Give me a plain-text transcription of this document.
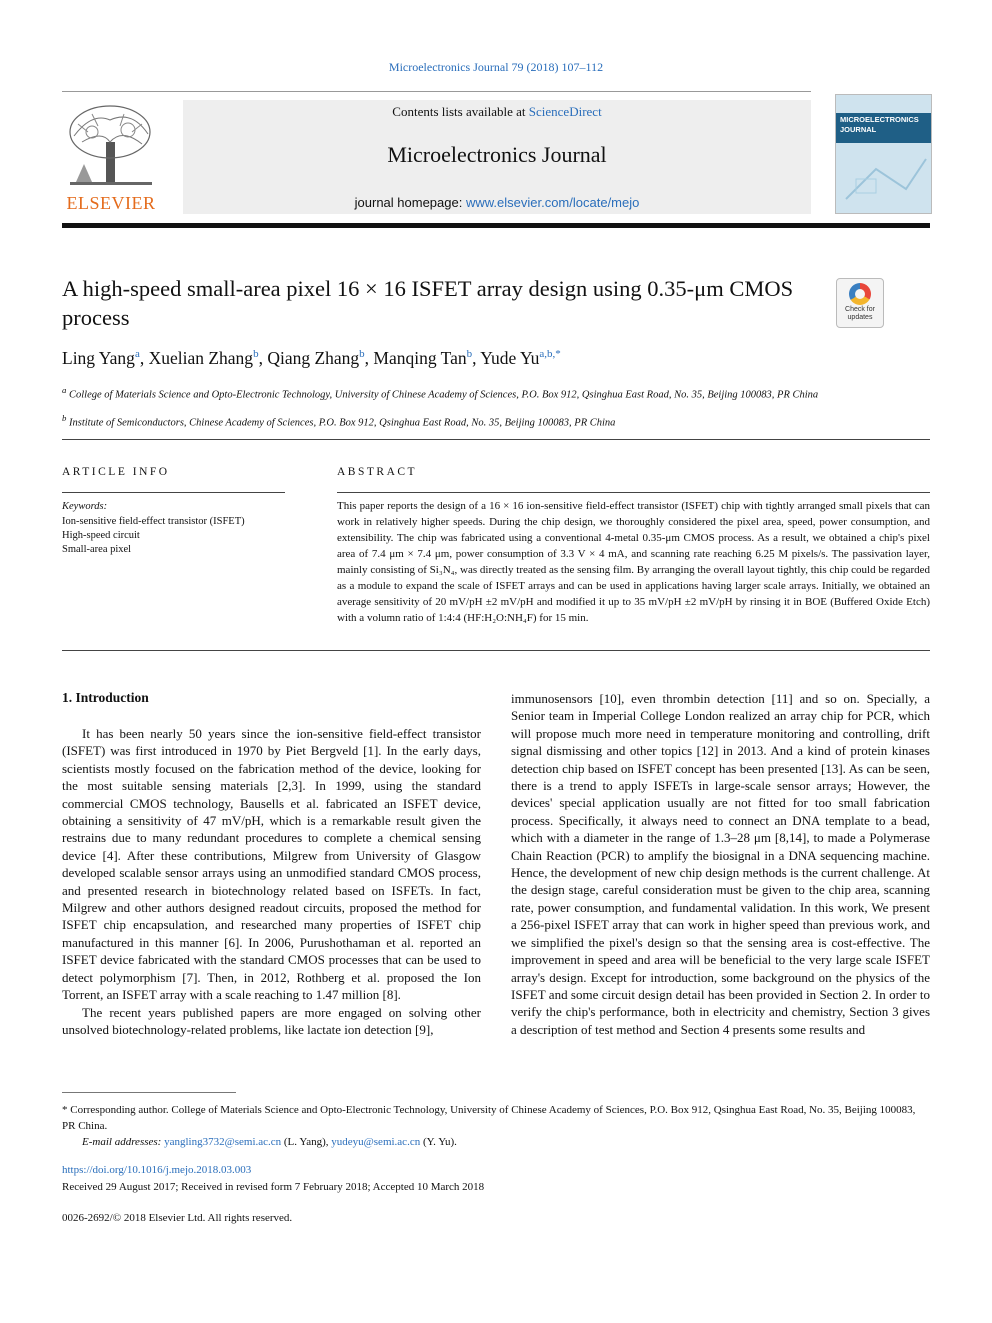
Microelectronics Journal 79 (2018) 107–112
ELSEVIER
Contents lists available at ScienceDirect
Microelectronics Journal
journal homepage: www.elsevier.com/locate/mejo
MICROELECTRONICS JOURNAL
A high-speed small-area pixel 16 × 16 ISFET array design using 0.35-μm CMOS process	Check for updates
Ling Yang$^a$, Xuelian Zhang$^b$, Qiang Zhang$^b$, Manqing Tan$^b$, Yude $Yu^{a,b,*}$
$^a$ College of Materials Science and Opto-Electronic Technology, University of Chinese Academy of Sciences, P.O. Box 912, Qsinghua East Road, No. 35, Beijing 100083, PR China
$^b$ Institute of Semiconductors, Chinese Academy of Sciences, P.O. Box 912, Qsinghua East Road, No. 35, Beijing 100083, PR China
ARTICLE INFO
Keywords:
Ion-sensitive field-effect transistor (ISFET)
High-speed circuit
Small-area pixel
ABSTRACT
This paper reports the design of a 16 × 16 ion-sensitive field-effect transistor (ISFET) chip with tightly arranged small pixels that can work in relatively higher speeds. During the chip design, we thoroughly considered the pixel area, speed, power consumption, and extensibility. The chip was fabricated using a conventional 4-metal 0.35-μm CMOS process. As a result, we obtained a chip's pixel area of 7.4 μm × 7.4 μm, power consumption of 3.3 V × 4 mA, and scanning rate reaching 6.25 M pixels/s. The passivation layer, mainly consisting of Si₃N₄, was directly treated as the sensing film. By arranging the overall layout tightly, this chip could be regarded as a module to expand the scale of ISFET arrays and can be used in applications having larger scale arrays. Initially, we obtained an average sensitivity of 20 mV/pH ±2 mV/pH and modified it up to 35 mV/pH ±2 mV/pH by rinsing it in BOE (Buffered Oxide Etch) with a volumn ratio of 1:4:4 (HF:H₂O:NH₄F) for 15 min.
1. Introduction

It has been nearly 50 years since the ion-sensitive field-effect transistor (ISFET) was first introduced in 1970 by Piet Bergveld [1]. In the early days, scientists mostly focused on the fabrication method of the device, looking for the most suitable sensing materials [2,3]. In 1999, using the standard commercial CMOS technology, Bausells et al. fabricated an ISFET device, obtaining a sensitivity of 47 mV/pH, which is a remarkable result given the restrains due to many redundant procedures to complete a chemical sensing device [4]. After these contributions, Milgrew from University of Glasgow developed scalable sensor arrays using an unmodified standard CMOS process, and presented research in biotechnology related based on ISFETs. In fact, Milgrew and other authors designed readout circuits, proposed the method for ISFET chip encapsulation, and researched many properties of ISFET chip manufactured in this manner [6]. In 2006, Purushothaman et al. reported an ISFET device fabricated with the standard CMOS processes that can be used to detect polymorphism [7]. Then, in 2012, Rothberg et al. proposed the Ion Torrent, an ISFET array with a scale reaching to 1.47 million [8].

The recent years published papers are more engaged on solving other unsolved biotechnology-related problems, like lactate ion detection [9],

immunosensors [10], even thrombin detection [11] and so on. Specially, a Senior team in Imperial College London realized an array chip for PCR, which will propose much more need in temperature monitoring and controlling, drift signal dismissing and other topics [12] in 2013. And a kind of protein kinases detection chip based on ISFET concept has been presented [13]. As can be seen, there is a trend to apply ISFETs in large-scale sensor arrays; However, the devices' special application usually are not fitted for too small fabrication process. Specifically, it always need to connect an DNA template to a bead, which with a diameter in the range of 1.3–28 μm [8,14], to made a Polymerase Chain Reaction (PCR) to amplify the biosignal in a DNA sequencing machine. Hence, the development of new chip design methods is the current challenge. At the design stage, careful consideration must be given to the chip area, scanning rate, power consumption, and fundamental validation. In this work, We present a 256-pixel ISFET array that can work in higher speed than previous work, and we simplified the pixel's design so that the sensing area is cost-effective. The improvement in speed and area will be beneficial to the very large scale ISFET array's design. Except for introduction, some background on the physics of the ISFET and some circuit design detail has been provided in Section 2. In order to verify the chip's performance, both in electricity and chemistry, Section 3 gives a description of test method and Section 4 presents some results and

* Corresponding author. College of Materials Science and Opto-Electronic Technology, University of Chinese Academy of Sciences, P.O. Box 912, Qsinghua East Road, No. 35, Beijing 100083, PR China.
E-mail addresses: yangling3732@semi.ac.cn (L. Yang), yudeyu@semi.ac.cn (Y. Yu).
https://doi.org/10.1016/j.mejo.2018.03.003
Received 29 August 2017; Received in revised form 7 February 2018; Accepted 10 March 2018
0026-2692/© 2018 Elsevier Ltd. All rights reserved.
